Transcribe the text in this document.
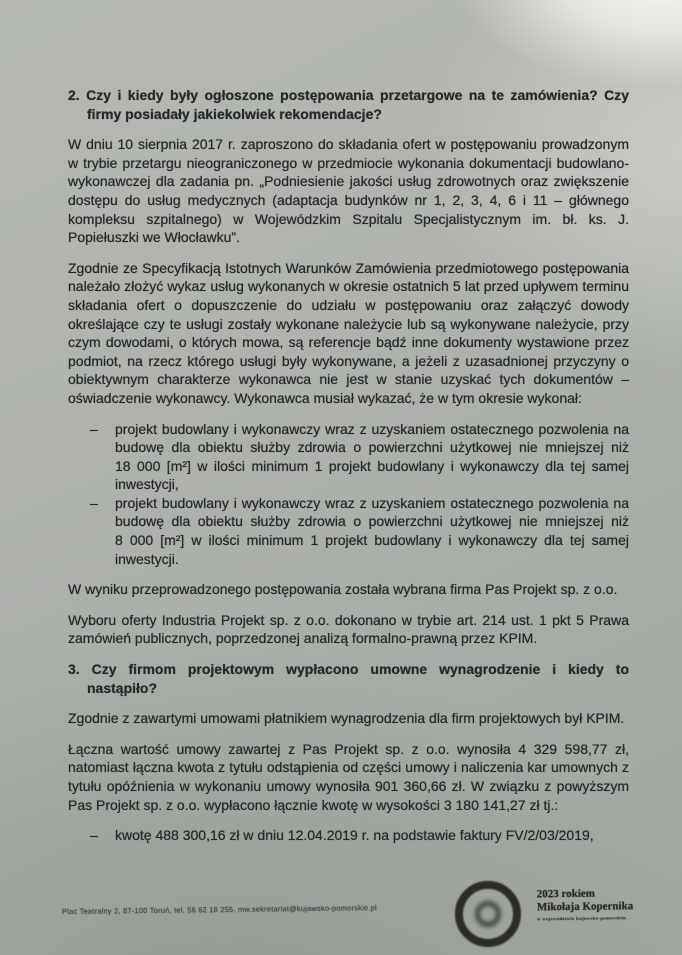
2. Czy i kiedy były ogłoszone postępowania przetargowe na te zamówienia? Czy firmy posiadały jakiekolwiek rekomendacje?

W dniu 10 sierpnia 2017 r. zaproszono do składania ofert w postępowaniu prowadzonym w trybie przetargu nieograniczonego w przedmiocie wykonania dokumentacji budowlano-wykonawczej dla zadania pn. „Podniesienie jakości usług zdrowotnych oraz zwiększenie dostępu do usług medycznych (adaptacja budynków nr 1, 2, 3, 4, 6 i 11 – głównego kompleksu szpitalnego) w Wojewódzkim Szpitalu Specjalistycznym im. bł. ks. J. Popiełuszki we Włocławku”.

Zgodnie ze Specyfikacją Istotnych Warunków Zamówienia przedmiotowego postępowania należało złożyć wykaz usług wykonanych w okresie ostatnich 5 lat przed upływem terminu składania ofert o dopuszczenie do udziału w postępowaniu oraz załączyć dowody określające czy te usługi zostały wykonane należycie lub są wykonywane należycie, przy czym dowodami, o których mowa, są referencje bądź inne dokumenty wystawione przez podmiot, na rzecz którego usługi były wykonywane, a jeżeli z uzasadnionej przyczyny o obiektywnym charakterze wykonawca nie jest w stanie uzyskać tych dokumentów – oświadczenie wykonawcy. Wykonawca musiał wykazać, że w tym okresie wykonał:

– projekt budowlany i wykonawczy wraz z uzyskaniem ostatecznego pozwolenia na budowę dla obiektu służby zdrowia o powierzchni użytkowej nie mniejszej niż 18 000 [m²] w ilości minimum 1 projekt budowlany i wykonawczy dla tej samej inwestycji,
– projekt budowlany i wykonawczy wraz z uzyskaniem ostatecznego pozwolenia na budowę dla obiektu służby zdrowia o powierzchni użytkowej nie mniejszej niż 8 000 [m²] w ilości minimum 1 projekt budowlany i wykonawczy dla tej samej inwestycji.

W wyniku przeprowadzonego postępowania została wybrana firma Pas Projekt sp. z o.o.

Wyboru oferty Industria Projekt sp. z o.o. dokonano w trybie art. 214 ust. 1 pkt 5 Prawa zamówień publicznych, poprzedzonej analizą formalno-prawną przez KPIM.

3. Czy firmom projektowym wypłacono umowne wynagrodzenie i kiedy to nastąpiło?

Zgodnie z zawartymi umowami płatnikiem wynagrodzenia dla firm projektowych był KPIM.

Łączna wartość umowy zawartej z Pas Projekt sp. z o.o. wynosiła 4 329 598,77 zł, natomiast łączna kwota z tytułu odstąpienia od części umowy i naliczenia kar umownych z tytułu opóźnienia w wykonaniu umowy wynosiła 901 360,66 zł. W związku z powyższym Pas Projekt sp. z o.o. wypłacono łącznie kwotę w wysokości 3 180 141,27 zł tj.:

– kwotę 488 300,16 zł w dniu 12.04.2019 r. na podstawie faktury FV/2/03/2019,
Plac Teatralny 2, 87-100 Toruń, tel. 56 62 18 255, mw.sekretariat@kujawsko-pomorskie.pl
2023 rokiem
Mikołaja Kopernika
w województwie kujawsko-pomorskim
